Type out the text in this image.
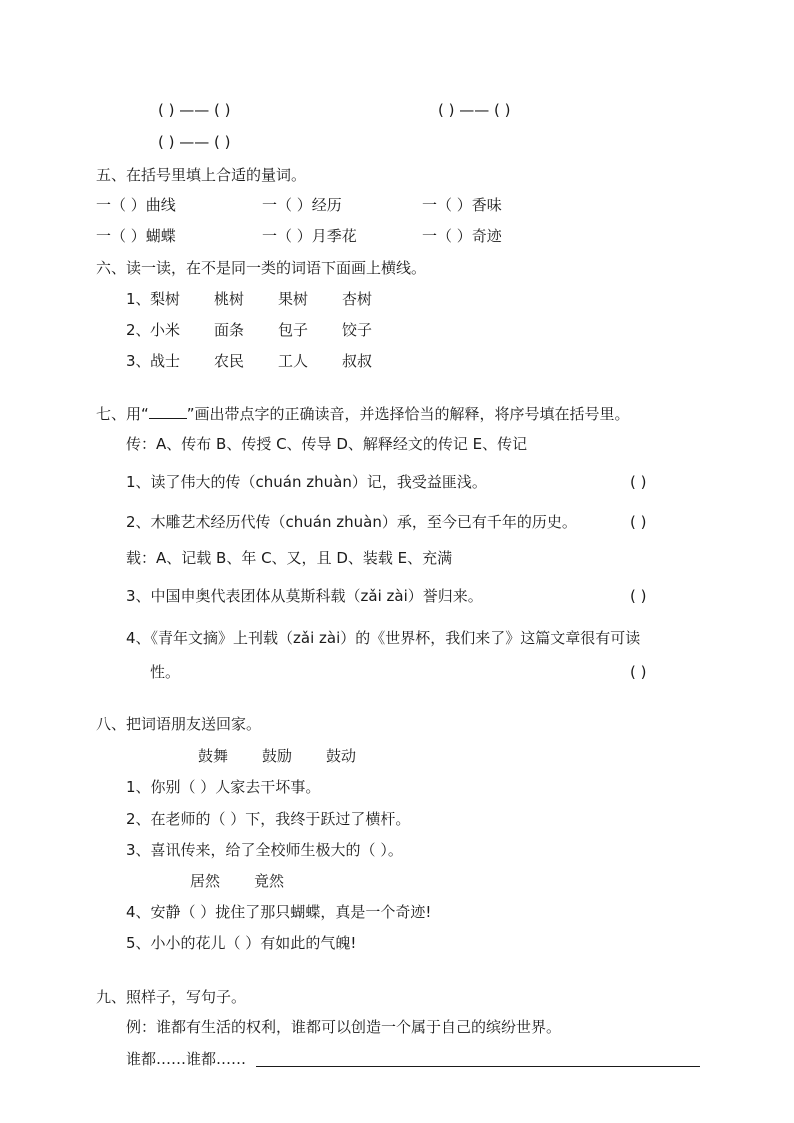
( ) —— ( )	( ) —— ( )
( ) —— ( )
五、在括号里填上合适的量词。
一（ ）曲线	一（ ）经历	一（ ）香味
一（ ）蝴蝶	一（ ）月季花	一（ ）奇迹
六、读一读，在不是同一类的词语下面画上横线。
1、 梨树 桃树 果树 杏树
2、 小米 面条 包子 饺子
3、 战士 农民 工人 叔叔
七、用“	”画出带点字的正确读音，并选择恰当的解释，将序号填在括号里。
传：A、传布 B、传授 C、传导 D、解释经文的传记 E、传记
1、读了伟大的传（chuán zhuàn）记，我受益匪浅。	( )
2、木雕艺术经历代传（chuán zhuàn）承，至今已有千年的历史。	( )
载：A、记载 B、年 C、又，且 D、装载 E、充满
3、中国申奥代表团体从莫斯科载（zǎi zài）誉归来。	( )
4、《青年文摘》上刊载（zǎi zài）的《世界杯，我们来了》这篇文章很有可读
性。	( )
八、把词语朋友送回家。
鼓舞 鼓励 鼓动
1、你别（ ）人家去干坏事。
2、在老师的（ ）下，我终于跃过了横杆。
3、喜讯传来，给了全校师生极大的（ ）。
居然 竟然
4、安静（ ）拢住了那只蝴蝶，真是一个奇迹!
5、小小的花儿（ ）有如此的气魄!
九、照样子，写句子。
例：谁都有生活的权利，谁都可以创造一个属于自己的缤纷世界。
谁都……谁都……
